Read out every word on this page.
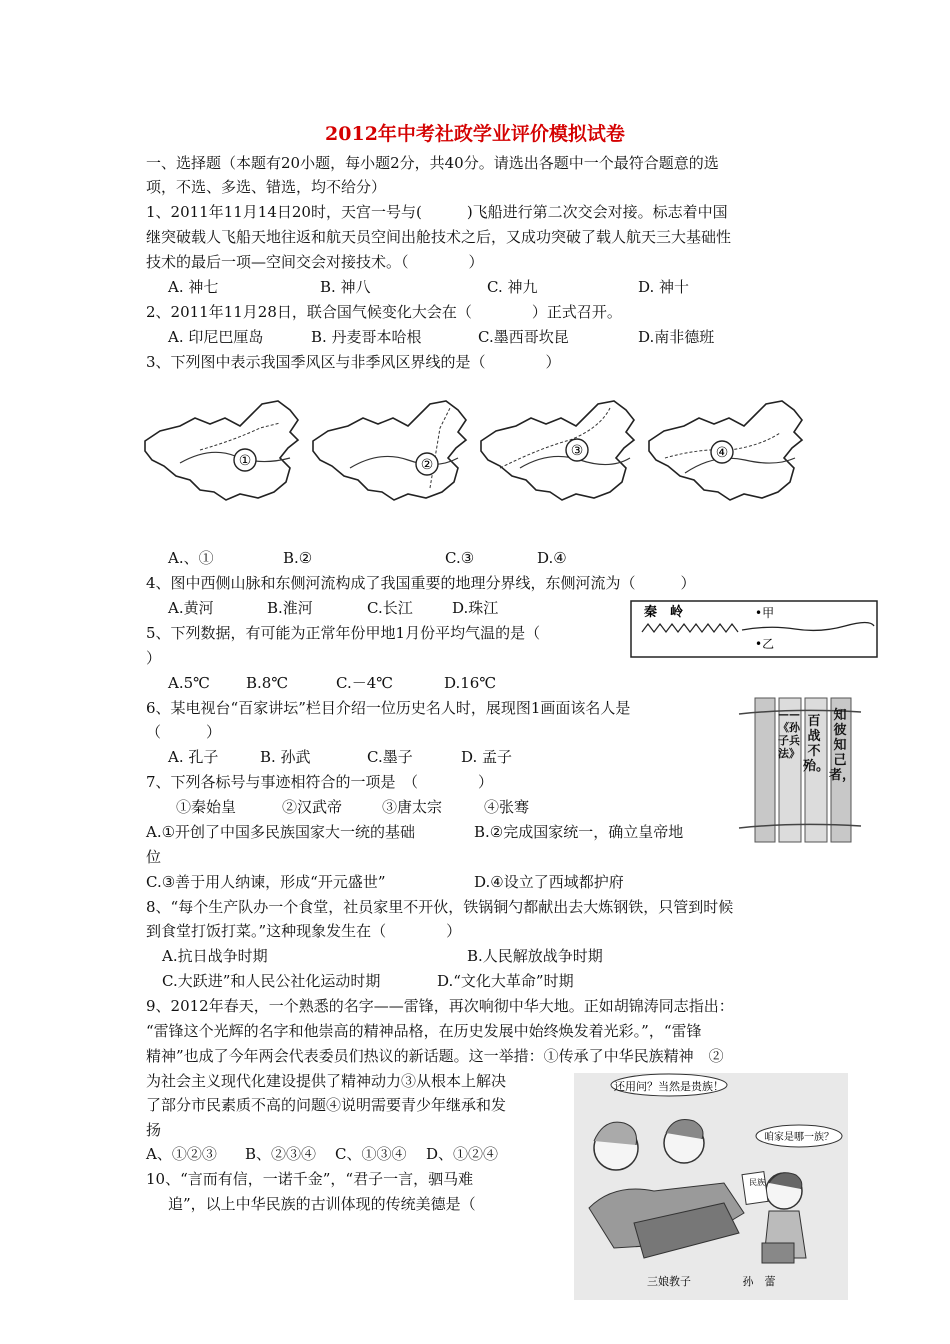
2012年中考社政学业评价模拟试卷
一、选择题（本题有20小题，每小题2分，共40分。请选出各题中一个最符合题意的选
项，不选、多选、错选，均不给分）
1、2011年11月14日20时，天宫一号与(　　　)飞船进行第二次交会对接。标志着中国
继突破载人飞船天地往返和航天员空间出舱技术之后，又成功突破了载人航天三大基础性
技术的最后一项—空间交会对接技术。（　　　　）
A. 神七	B. 神八	C. 神九	D. 神十
2、2011年11月28日，联合国气候变化大会在（　　　　）正式召开。
A. 印尼巴厘岛	B. 丹麦哥本哈根	C.墨西哥坎昆	D.南非德班
3、下列图中表示我国季风区与非季风区界线的是（　　　　）
①	②
③	④
A.、①	B.②	C.③	D.④
4、图中西侧山脉和东侧河流构成了我国重要的地理分界线，东侧河流为（　　　）
A.黄河	B.淮河	C.长江	D.珠江	秦　岭	•甲
•乙
5、下列数据，有可能为正常年份甲地1月份平均气温的是（
）
A.5℃ B.8℃	C.－4℃	D.16℃
6、某电视台“百家讲坛”栏目介绍一位历史名人时，展现图1画面该名人是
（　　　）
A. 孔子	B. 孙武	C.墨子	D. 孟子
知彼知己者，
百战不殆。
——《孙子兵法》
7、下列各标号与事迹相符合的一项是　（　　　　）
①秦始皇	②汉武帝	③唐太宗	④张骞
A.①开创了中国多民族国家大一统的基础	B.②完成国家统一，确立皇帝地
位
C.③善于用人纳谏，形成“开元盛世”	D.④设立了西域都护府
8、“每个生产队办一个食堂，社员家里不开伙，铁锅铜勺都献出去大炼钢铁，只管到时候
到食堂打饭打菜。”这种现象发生在（　　　　）
A.抗日战争时期	B.人民解放战争时期
C.大跃进”和人民公社化运动时期	D.“文化大革命”时期
9、2012年春天，一个熟悉的名字——雷锋，再次响彻中华大地。正如胡锦涛同志指出：
“雷锋这个光辉的名字和他崇高的精神品格，在历史发展中始终焕发着光彩。”，“雷锋
精神”也成了今年两会代表委员们热议的新话题。这一举措：①传承了中华民族精神　②
为社会主义现代化建设提供了精神动力③从根本上解决
了部分市民素质不高的问题④说明需要青少年继承和发
扬
A、①②③ B、②③④ C、①③④ D、①②④
10、“言而有信，一诺千金”，“君子一言，驷马难
追”，以上中华民族的古训体现的传统美德是（
还用问？当然是贵族！
咱家是哪一族？
民族
三娘教子	孙　蕾
